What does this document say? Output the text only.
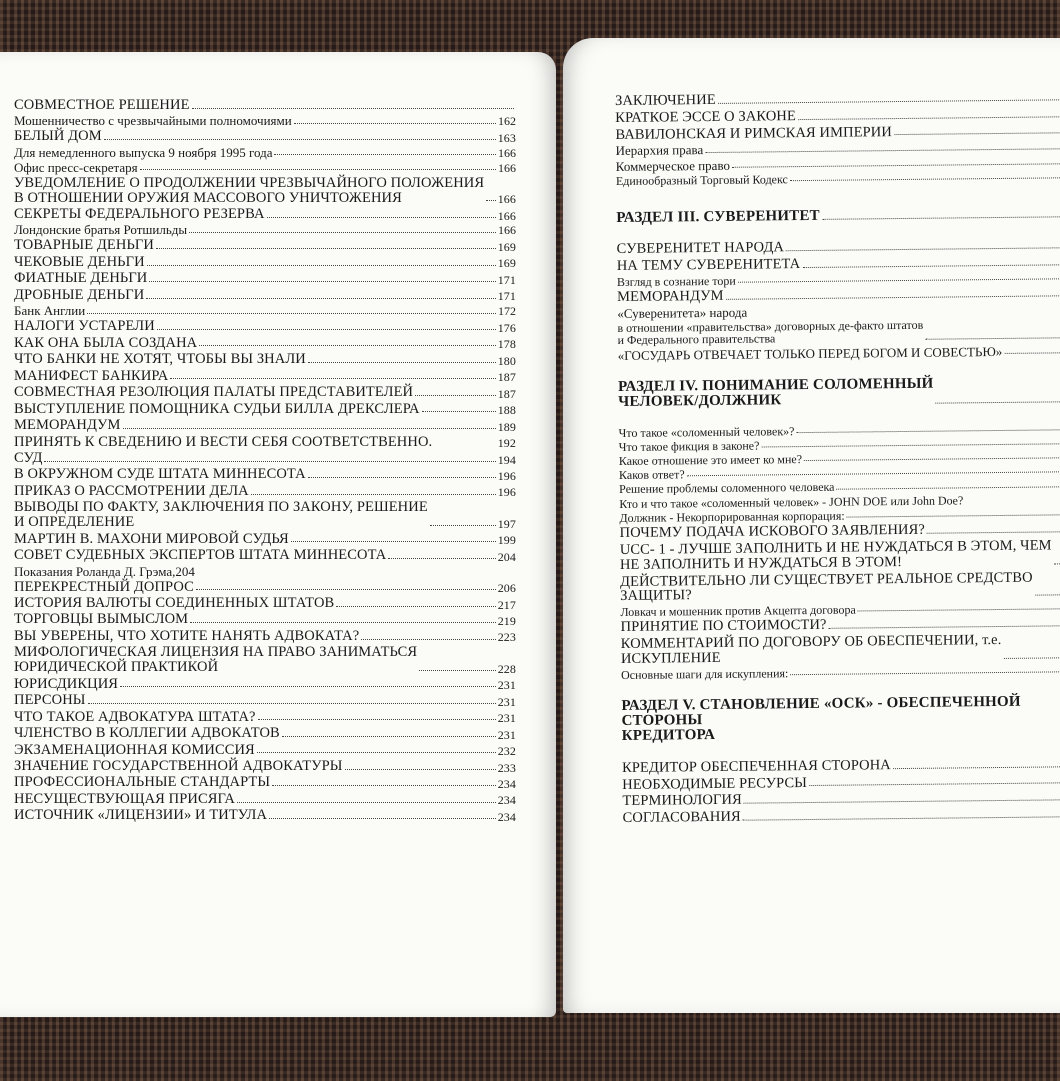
СОВМЕСТНОЕ РЕШЕНИЕ
Мошенничество с чрезвычайными полномочиями	162
БЕЛЫЙ ДОМ	163
Для немедленного выпуска 9 ноября 1995 года	166
Офис пресс-секретаря	166
УВЕДОМЛЕНИЕ О ПРОДОЛЖЕНИИ ЧРЕЗВЫЧАЙНОГО ПОЛОЖЕНИЯ
В ОТНОШЕНИИ ОРУЖИЯ МАССОВОГО УНИЧТОЖЕНИЯ	166
СЕКРЕТЫ ФЕДЕРАЛЬНОГО РЕЗЕРВА	166
Лондонские братья Ротшильды	166
ТОВАРНЫЕ ДЕНЬГИ	169
ЧЕКОВЫЕ ДЕНЬГИ	169
ФИАТНЫЕ ДЕНЬГИ	171
ДРОБНЫЕ ДЕНЬГИ	171
Банк Англии	172
НАЛОГИ УСТАРЕЛИ	176
КАК ОНА БЫЛА СОЗДАНА	178
ЧТО БАНКИ НЕ ХОТЯТ, ЧТОБЫ ВЫ ЗНАЛИ	180
МАНИФЕСТ БАНКИРА	187
СОВМЕСТНАЯ РЕЗОЛЮЦИЯ ПАЛАТЫ ПРЕДСТАВИТЕЛЕЙ	187
ВЫСТУПЛЕНИЕ ПОМОЩНИКА СУДЬИ БИЛЛА ДРЕКСЛЕРА	188
МЕМОРАНДУМ	189
ПРИНЯТЬ К СВЕДЕНИЮ И ВЕСТИ СЕБЯ СООТВЕТСТВЕННО.	192
СУД	194
В ОКРУЖНОМ СУДЕ ШТАТА МИННЕСОТА	196
ПРИКАЗ О РАССМОТРЕНИИ ДЕЛА	196
ВЫВОДЫ ПО ФАКТУ, ЗАКЛЮЧЕНИЯ ПО ЗАКОНУ, РЕШЕНИЕ
И ОПРЕДЕЛЕНИЕ	197
МАРТИН В. МАХОНИ МИРОВОЙ СУДЬЯ	199
СОВЕТ СУДЕБНЫХ ЭКСПЕРТОВ ШТАТА МИННЕСОТА	204
Показания Роланда Д. Грэма,204
ПЕРЕКРЕСТНЫЙ ДОПРОС	206
ИСТОРИЯ ВАЛЮТЫ СОЕДИНЕННЫХ ШТАТОВ	217
ТОРГОВЦЫ ВЫМЫСЛОМ	219
ВЫ УВЕРЕНЫ, ЧТО ХОТИТЕ НАНЯТЬ АДВОКАТА?	223
МИФОЛОГИЧЕСКАЯ ЛИЦЕНЗИЯ НА ПРАВО ЗАНИМАТЬСЯ
ЮРИДИЧЕСКОЙ ПРАКТИКОЙ	228
ЮРИСДИКЦИЯ	231
ПЕРСОНЫ	231
ЧТО ТАКОЕ АДВОКАТУРА ШТАТА?	231
ЧЛЕНСТВО В КОЛЛЕГИИ АДВОКАТОВ	231
ЭКЗАМЕНАЦИОННАЯ КОМИССИЯ	232
ЗНАЧЕНИЕ ГОСУДАРСТВЕННОЙ АДВОКАТУРЫ	233
ПРОФЕССИОНАЛЬНЫЕ СТАНДАРТЫ	234
НЕСУЩЕСТВУЮЩАЯ ПРИСЯГА	234
ИСТОЧНИК «ЛИЦЕНЗИИ» И ТИТУЛА	234
ЗАКЛЮЧЕНИЕ
КРАТКОЕ ЭССЕ О ЗАКОНЕ
ВАВИЛОНСКАЯ И РИМСКАЯ ИМПЕРИИ
Иерархия права
Коммерческое право
Единообразный Торговый Кодекс
РАЗДЕЛ III. СУВЕРЕНИТЕТ
СУВЕРЕНИТЕТ НАРОДА
НА ТЕМУ СУВЕРЕНИТЕТА
Взгляд в сознание тори
МЕМОРАНДУМ
«Суверенитета» народа
в отношении «правительства» договорных де-факто штатов
и Федерального правительства
«ГОСУДАРЬ ОТВЕЧАЕТ ТОЛЬКО ПЕРЕД БОГОМ И СОВЕСТЬЮ»
РАЗДЕЛ IV. ПОНИМАНИЕ СОЛОМЕННЫЙ
ЧЕЛОВЕК/ДОЛЖНИК
Что такое «соломенный человек»?
Что такое фикция в законе?
Какое отношение это имеет ко мне?
Каков ответ?
Решение проблемы соломенного человека
Кто и что такое «соломенный человек» - JOHN DOE или John Doe?
Должник - Некорпорированная корпорация:
ПОЧЕМУ ПОДАЧА ИСКОВОГО ЗАЯВЛЕНИЯ?
UCC- 1 - ЛУЧШЕ ЗАПОЛНИТЬ И НЕ НУЖДАТЬСЯ В ЭТОМ, ЧЕМ
НЕ ЗАПОЛНИТЬ И НУЖДАТЬСЯ В ЭТОМ!
ДЕЙСТВИТЕЛЬНО ЛИ СУЩЕСТВУЕТ РЕАЛЬНОЕ СРЕДСТВО
ЗАЩИТЫ?
Ловкач и мошенник против Акцепта договора
ПРИНЯТИЕ ПО СТОИМОСТИ?
КОММЕНТАРИЙ ПО ДОГОВОРУ ОБ ОБЕСПЕЧЕНИИ, т.е.
ИСКУПЛЕНИЕ
Основные шаги для искупления:
РАЗДЕЛ V. СТАНОВЛЕНИЕ «ОСК» - ОБЕСПЕЧЕННОЙ СТОРОНЫ
КРЕДИТОРА
КРЕДИТОР ОБЕСПЕЧЕННАЯ СТОРОНА
НЕОБХОДИМЫЕ РЕСУРСЫ
ТЕРМИНОЛОГИЯ
СОГЛАСОВАНИЯ
